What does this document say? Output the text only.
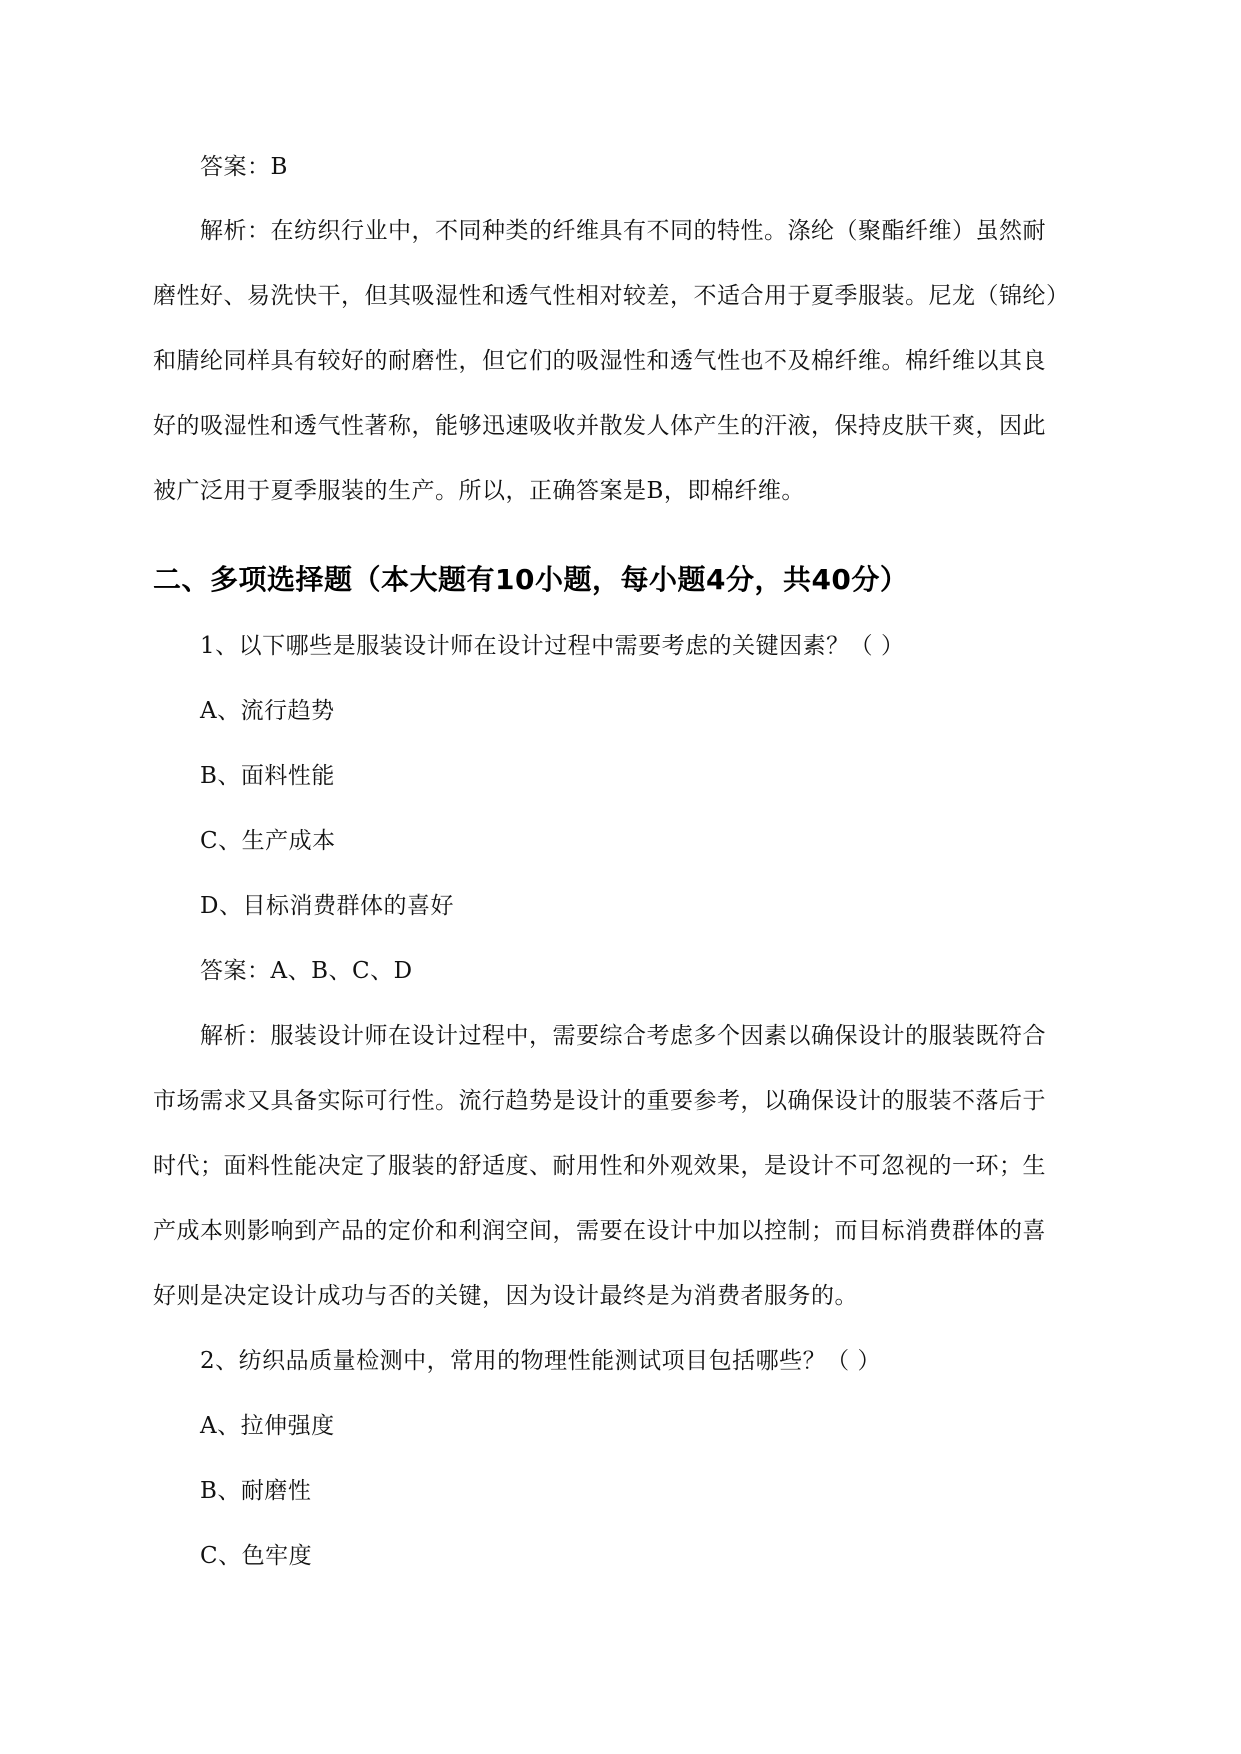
答案：B
解析：在纺织行业中，不同种类的纤维具有不同的特性。涤纶（聚酯纤维）虽然耐
磨性好、易洗快干，但其吸湿性和透气性相对较差，不适合用于夏季服装。尼龙（锦纶）
和腈纶同样具有较好的耐磨性，但它们的吸湿性和透气性也不及棉纤维。棉纤维以其良
好的吸湿性和透气性著称，能够迅速吸收并散发人体产生的汗液，保持皮肤干爽，因此
被广泛用于夏季服装的生产。所以，正确答案是B，即棉纤维。
二、多项选择题（本大题有10小题，每小题4分，共40分）
1、以下哪些是服装设计师在设计过程中需要考虑的关键因素？（ ）
A、流行趋势
B、面料性能
C、生产成本
D、目标消费群体的喜好
答案：A、B、C、D
解析：服装设计师在设计过程中，需要综合考虑多个因素以确保设计的服装既符合
市场需求又具备实际可行性。流行趋势是设计的重要参考，以确保设计的服装不落后于
时代；面料性能决定了服装的舒适度、耐用性和外观效果，是设计不可忽视的一环；生
产成本则影响到产品的定价和利润空间，需要在设计中加以控制；而目标消费群体的喜
好则是决定设计成功与否的关键，因为设计最终是为消费者服务的。
2、纺织品质量检测中，常用的物理性能测试项目包括哪些？（ ）
A、拉伸强度
B、耐磨性
C、色牢度
